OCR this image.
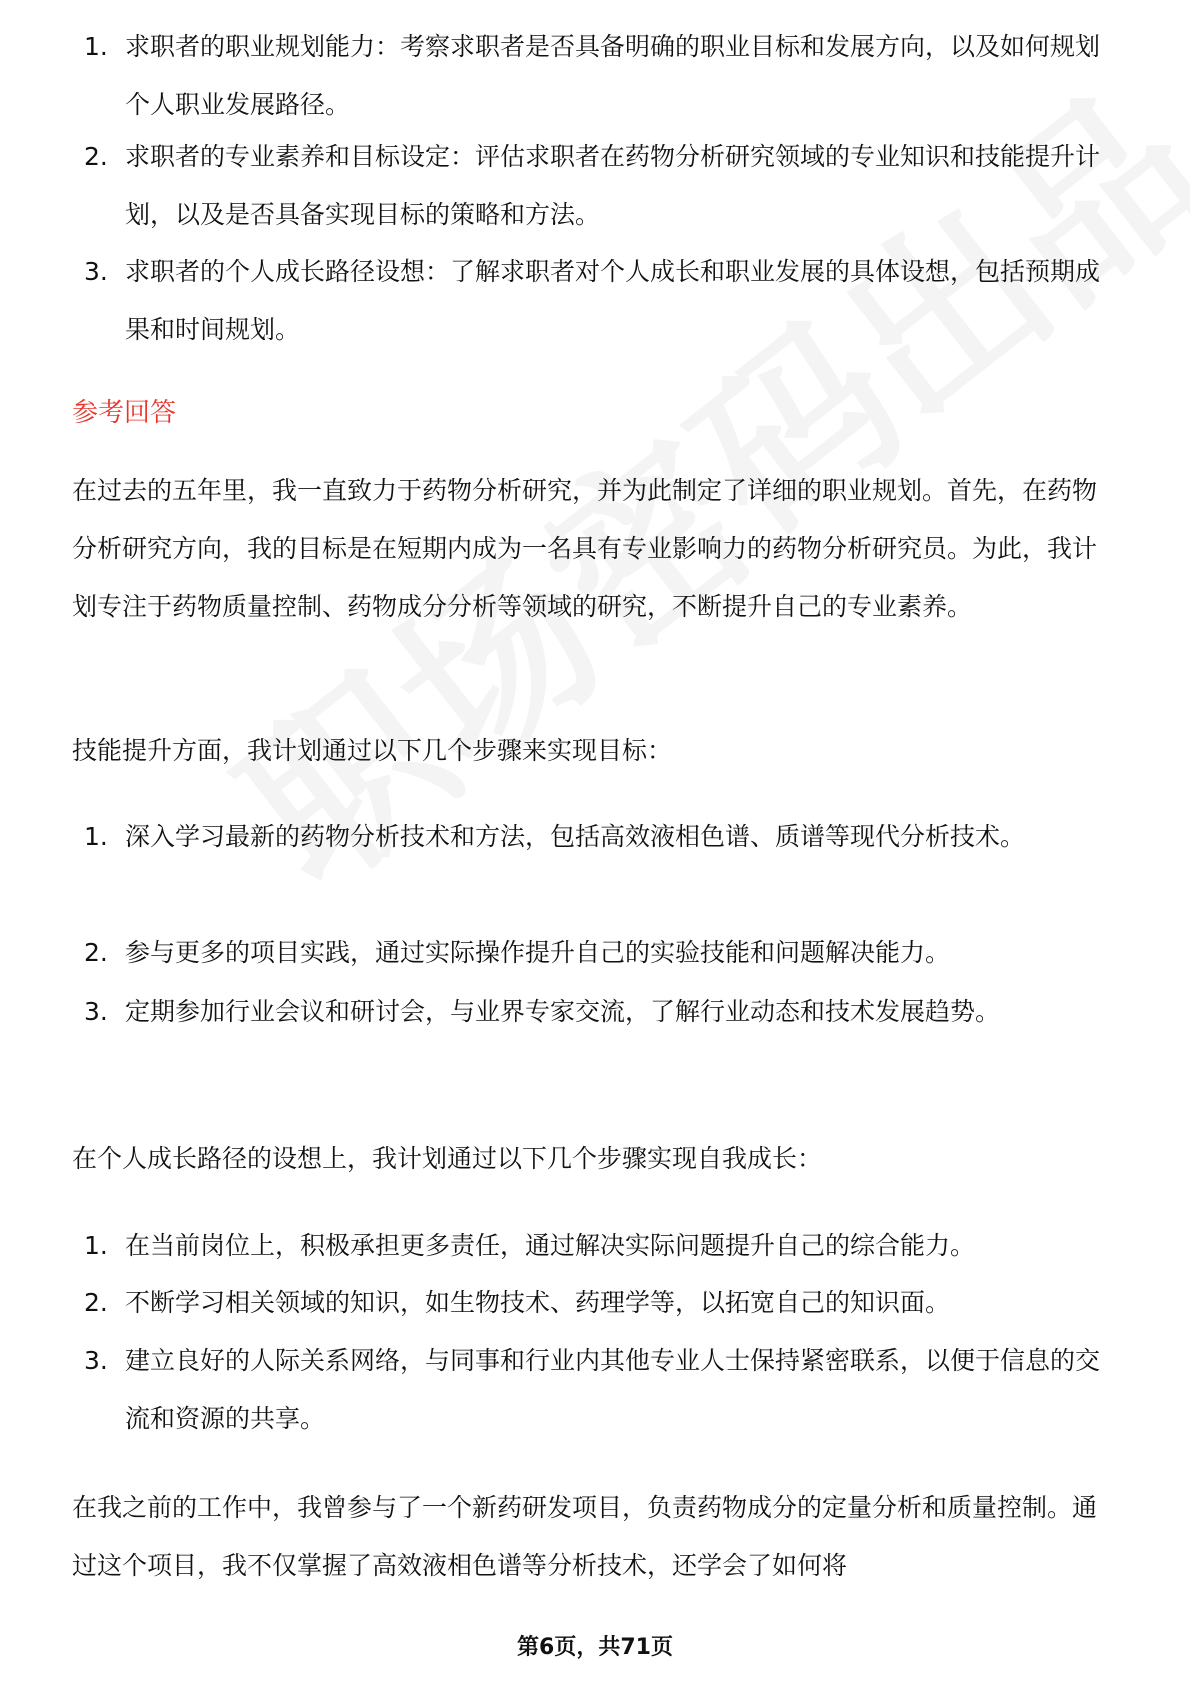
1. 求职者的职业规划能力：考察求职者是否具备明确的职业目标和发展方向，以及如何规划个人职业发展路径。
2. 求职者的专业素养和目标设定：评估求职者在药物分析研究领域的专业知识和技能提升计划，以及是否具备实现目标的策略和方法。
3. 求职者的个人成长路径设想：了解求职者对个人成长和职业发展的具体设想，包括预期成果和时间规划。
参考回答

在过去的五年里，我一直致力于药物分析研究，并为此制定了详细的职业规划。首先，在药物分析研究方向，我的目标是在短期内成为一名具有专业影响力的药物分析研究员。为此，我计划专注于药物质量控制、药物成分分析等领域的研究，不断提升自己的专业素养。

技能提升方面，我计划通过以下几个步骤来实现目标：

1. 深入学习最新的药物分析技术和方法，包括高效液相色谱、质谱等现代分析技术。
2. 参与更多的项目实践，通过实际操作提升自己的实验技能和问题解决能力。
3. 定期参加行业会议和研讨会，与业界专家交流，了解行业动态和技术发展趋势。

在个人成长路径的设想上，我计划通过以下几个步骤实现自我成长：

1. 在当前岗位上，积极承担更多责任，通过解决实际问题提升自己的综合能力。
2. 不断学习相关领域的知识，如生物技术、药理学等，以拓宽自己的知识面。
3. 建立良好的人际关系网络，与同事和行业内其他专业人士保持紧密联系，以便于信息的交流和资源的共享。

在我之前的工作中，我曾参与了一个新药研发项目，负责药物成分的定量分析和质量控制。通过这个项目，我不仅掌握了高效液相色谱等分析技术，还学会了如何将

第6页，共71页
